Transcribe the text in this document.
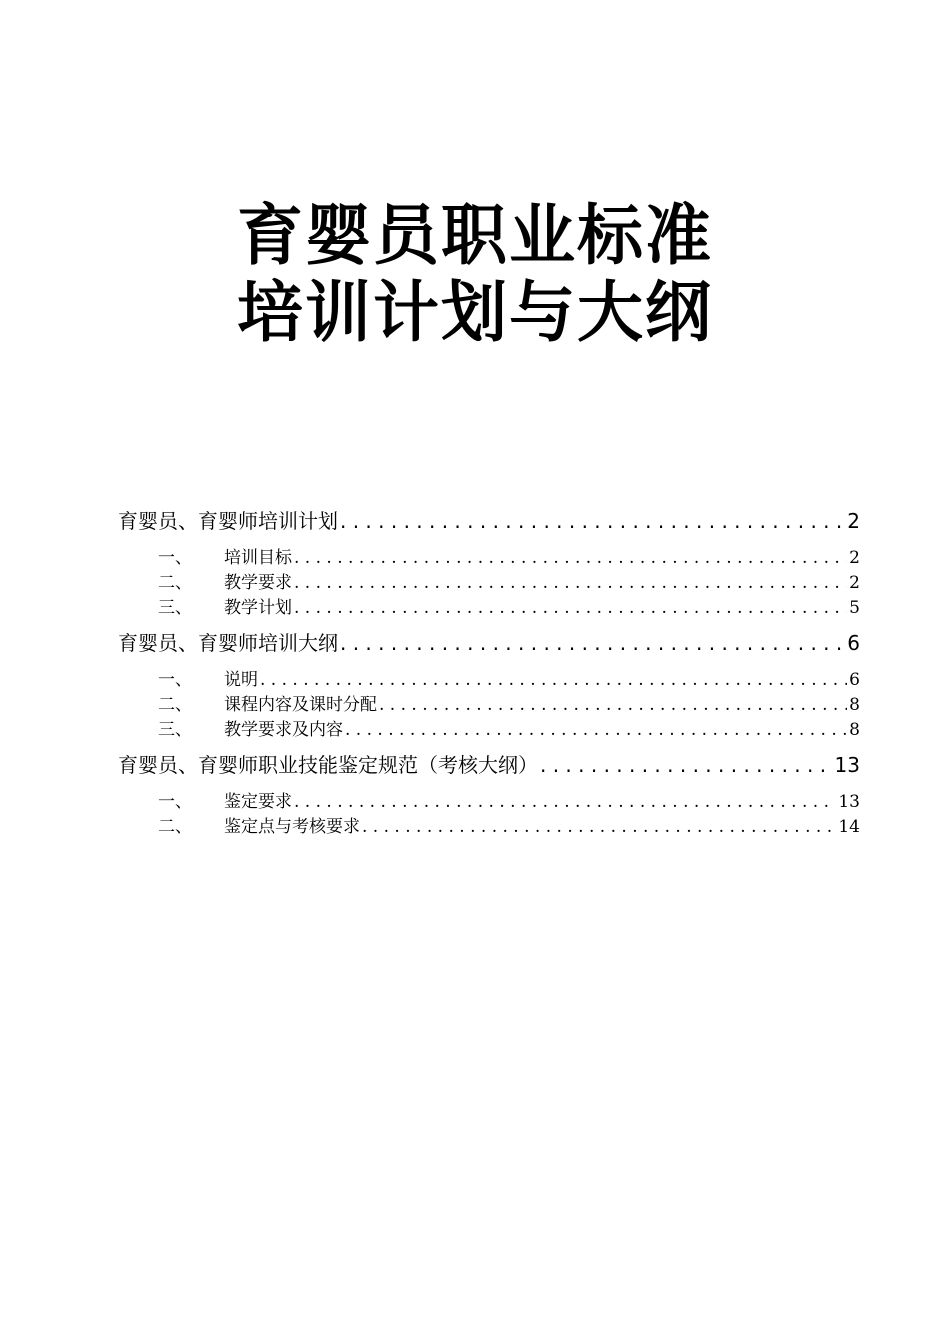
育婴员职业标准
培训计划与大纲
育婴员、育婴师培训计划 . . .	2
一、	培训目标 . . .	2
二、	教学要求 . . .	2
三、	教学计划 . . .	5
育婴员、育婴师培训大纲 . . .	6
一、	说明 . . .	6
二、	课程内容及课时分配 . . .	8
三、	教学要求及内容 . . .	8
育婴员、育婴师职业技能鉴定规范（考核大纲） . . .	13
一、	鉴定要求 . . .	13
二、	鉴定点与考核要求 . . .	14
